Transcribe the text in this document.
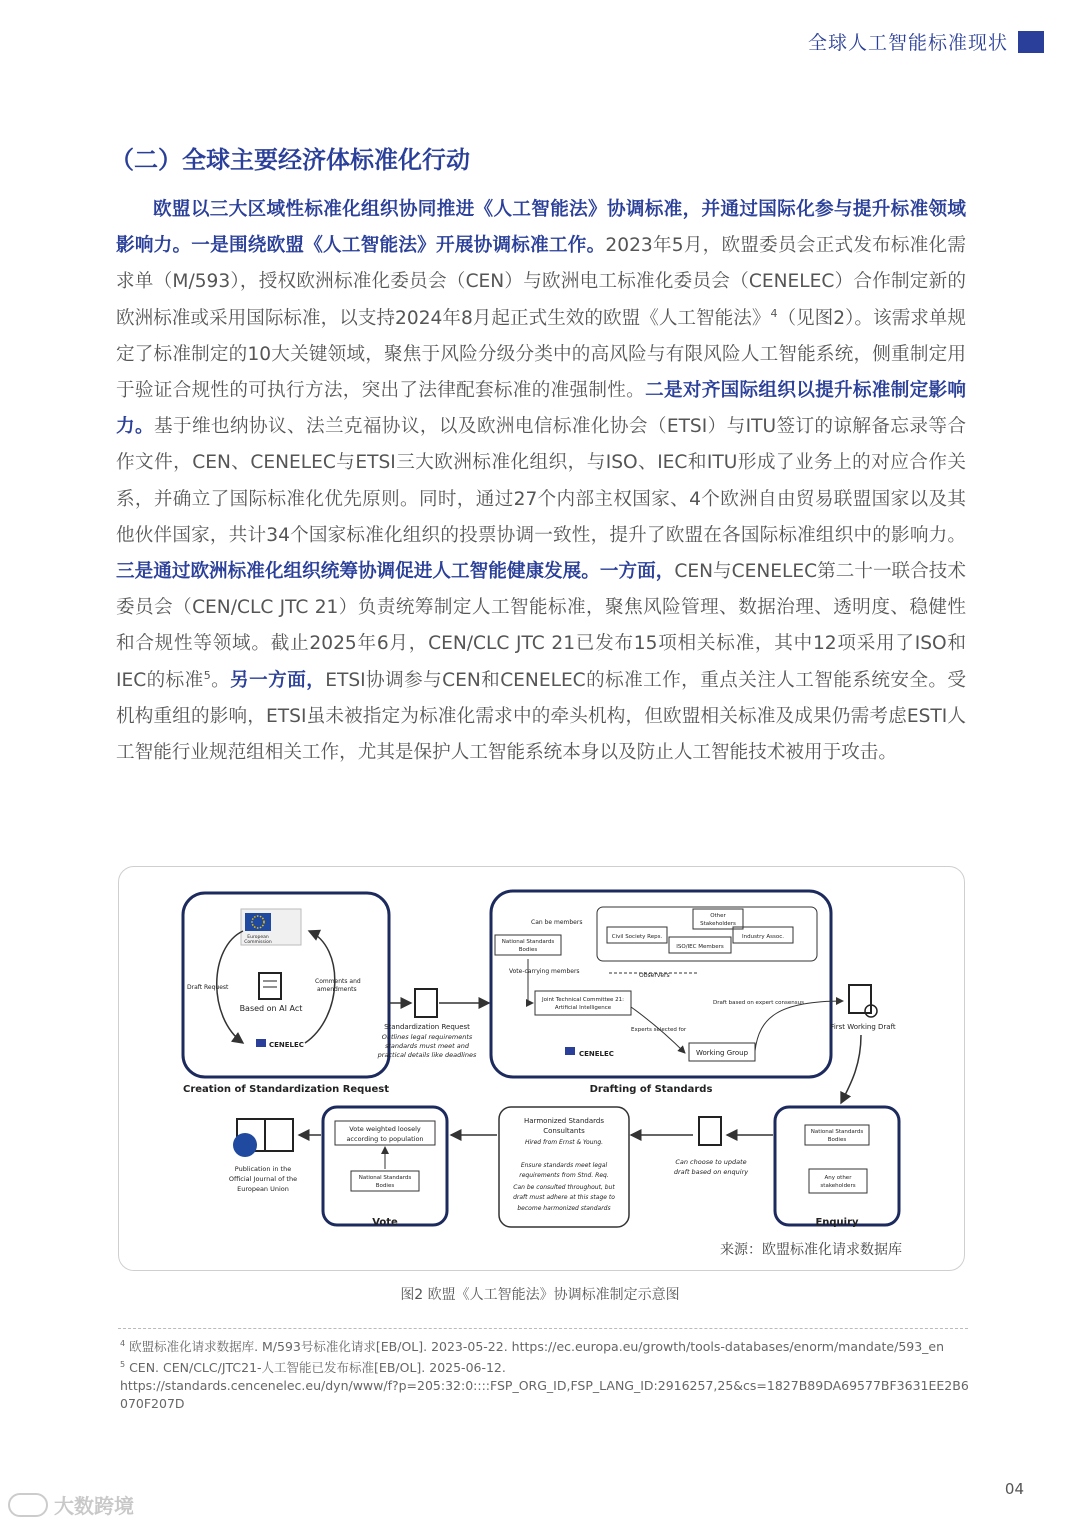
全球人工智能标准现状
（二）全球主要经济体标准化行动
欧盟以三大区域性标准化组织协同推进《人工智能法》协调标准，并通过国际化参与提升标准领域影响力。一是围绕欧盟《人工智能法》开展协调标准工作。2023年5月，欧盟委员会正式发布标准化需求单（M/593），授权欧洲标准化委员会（CEN）与欧洲电工标准化委员会（CENELEC）合作制定新的欧洲标准或采用国际标准，以支持2024年8月起正式生效的欧盟《人工智能法》$^4$（见图2）。该需求单规定了标准制定的10大关键领域，聚焦于风险分级分类中的高风险与有限风险人工智能系统，侧重制定用于验证合规性的可执行方法，突出了法律配套标准的准强制性。二是对齐国际组织以提升标准制定影响力。基于维也纳协议、法兰克福协议，以及欧洲电信标准化协会（ETSI）与ITU签订的谅解备忘录等合作文件，CEN、CENELEC与ETSI三大欧洲标准化组织，与ISO、IEC和ITU形成了业务上的对应合作关系，并确立了国际标准化优先原则。同时，通过27个内部主权国家、4个欧洲自由贸易联盟国家以及其他伙伴国家，共计34个国家标准化组织的投票协调一致性，提升了欧盟在各国际标准组织中的影响力。三是通过欧洲标准化组织统筹协调促进人工智能健康发展。一方面，CEN与CENELEC第二十一联合技术委员会（CEN/CLC JTC 21）负责统筹制定人工智能标准，聚焦风险管理、数据治理、透明度、稳健性和合规性等领域。截止2025年6月，CEN/CLC JTC 21已发布15项相关标准，其中12项采用了ISO和IEC的标准$^5$。另一方面，ETSI协调参与CEN和CENELEC的标准工作，重点关注人工智能系统安全。受机构重组的影响，ETSI虽未被指定为标准化需求中的牵头机构，但欧盟相关标准及成果仍需考虑ESTI人工智能行业规范组相关工作，尤其是保护人工智能系统本身以及防止人工智能技术被用于攻击。
European
Commission
Based on AI Act
CENELEC
Draft Request
Comments and
amendments
Creation of Standardization Request
Standardization Request
Outlines legal requirements
standards must meet and
practical details like deadlines
Can be members
National Standards
Bodies
Other
Stakeholders
Civil Society Reps.
ISO/IEC Members
Industry Assoc.
Vote-carrying members
Observers
Joint Technical Committee 21:
Artificial Intelligence
Experts selected for
Working Group
Draft based on expert consensus
CENELEC
Drafting of Standards
First Working Draft
National Standards
Bodies
Any other
stakeholders
Enquiry
Can choose to update
draft based on enquiry
Harmonized Standards
Consultants
Hired from Ernst & Young.
Ensure standards meet legal
requirements from Stnd. Req.
Can be consulted throughout, but
draft must adhere at this stage to
become harmonized standards
Vote weighted loosely
according to population
National Standards
Bodies
Vote
Publication in the
Official Journal of the
European Union
来源：欧盟标准化请求数据库
图2 欧盟《人工智能法》协调标准制定示意图
$^4$ 欧盟标准化请求数据库. M/593号标准化请求[EB/OL]. 2023-05-22. https://ec.europa.eu/growth/tools-databases/enorm/mandate/593_en
$^5$ CEN. CEN/CLC/JTC21-人工智能已发布标准[EB/OL]. 2025-06-12.
https://standards.cencenelec.eu/dyn/www/f?p=205:32:0::::FSP_ORG_ID,FSP_LANG_ID:2916257,25&cs=1827B89DA69577BF3631EE2B6070F207D
04
大数跨境
